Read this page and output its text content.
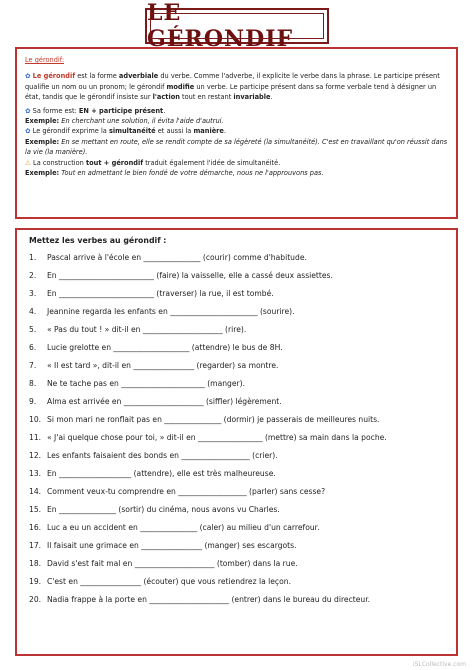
LE GÉRONDIF

Le gérondif:

✿ Le gérondif est la forme adverbiale du verbe. Comme l'adverbe, il explicite le verbe dans la phrase. Le participe présent qualifie un nom ou un pronom; le gérondif modifie un verbe. Le participe présent dans sa forme verbale tend à désigner un état, tandis que le gérondif insiste sur l'action tout en restant invariable.

✿ Sa forme est: EN + participe présent.

Exemple: En cherchant une solution, il évita l'aide d'autrui.

✿ Le gérondif exprime la simultanéité et aussi la manière.

Exemple: En se mettant en route, elle se rendit compte de sa légèreté (la simultanéité). C'est en travaillant qu'on réussit dans la vie (la manière).

⚠ La construction tout + gérondif traduit également l'idée de simultanéité.

Exemple: Tout en admettant le bien fondé de votre démarche, nous ne l'approuvons pas.

Mettez les verbes au gérondif :
1. Pascal arrive à l'école en _______________ (courir) comme d'habitude.
2. En _________________________ (faire) la vaisselle, elle a cassé deux assiettes.
3. En _________________________ (traverser) la rue, il est tombé.
4. Jeannine regarda les enfants en _______________________ (sourire).
5. « Pas du tout ! » dit-il en _____________________ (rire).
6. Lucie grelotte en ____________________ (attendre) le bus de 8H.
7. « Il est tard », dit-il en ________________ (regarder) sa montre.
8. Ne te tache pas en ______________________ (manger).
9. Alma est arrivée en _____________________ (siffler) légèrement.
10. Si mon mari ne ronflait pas en _______________ (dormir) je passerais de meilleures nuits.
11. « J'ai quelque chose pour toi, » dit-il en _________________ (mettre) sa main dans la poche.
12. Les enfants faisaient des bonds en __________________ (crier).
13. En ___________________ (attendre), elle est très malheureuse.
14. Comment veux-tu comprendre en __________________ (parler) sans cesse?
15. En _______________ (sortir) du cinéma, nous avons vu Charles.
16. Luc a eu un accident en _______________ (caler) au milieu d'un carrefour.
17. Il faisait une grimace en ________________ (manger) ses escargots.
18. David s'est fait mal en _____________________ (tomber) dans la rue.
19. C'est en ________________ (écouter) que vous retiendrez la leçon.
20. Nadia frappe à la porte en _____________________ (entrer) dans le bureau du directeur.
iSLCollective.com
